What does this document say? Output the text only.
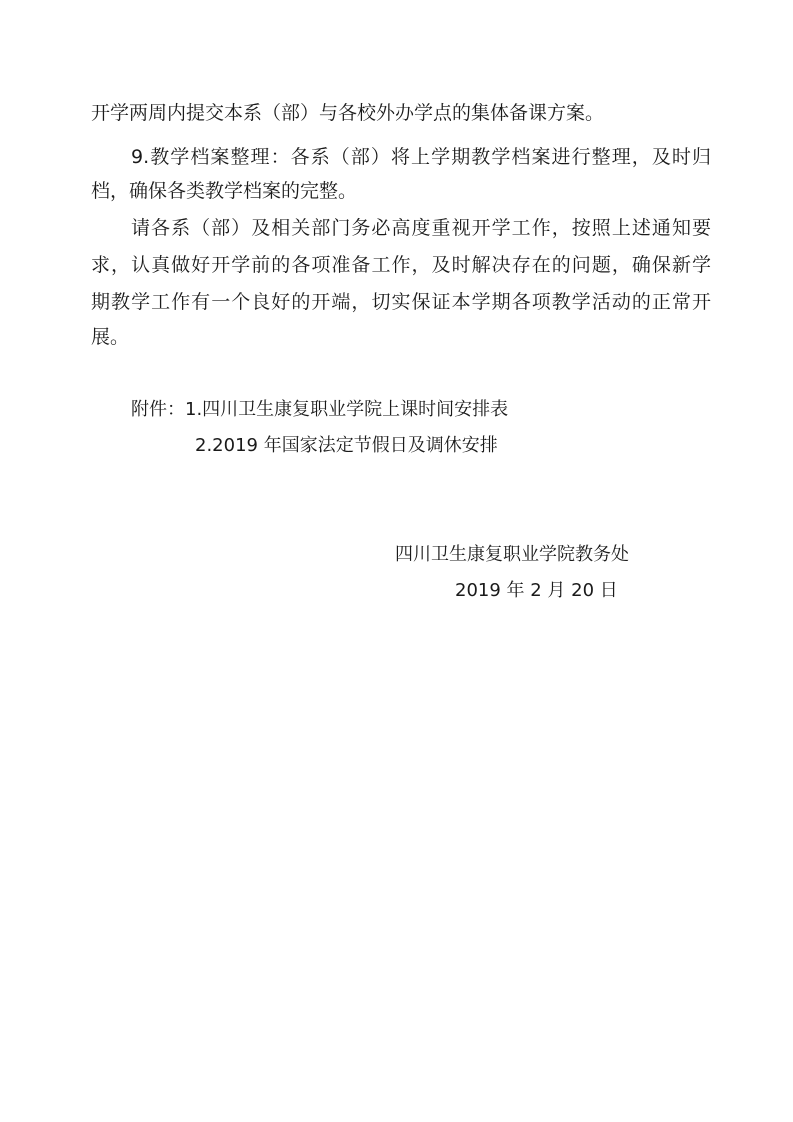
开学两周内提交本系（部）与各校外办学点的集体备课方案。
9.教学档案整理：各系（部）将上学期教学档案进行整理，及时归
档，确保各类教学档案的完整。
请各系（部）及相关部门务必高度重视开学工作，按照上述通知要
求，认真做好开学前的各项准备工作，及时解决存在的问题，确保新学
期教学工作有一个良好的开端，切实保证本学期各项教学活动的正常开
展。
附件：1.四川卫生康复职业学院上课时间安排表
2.2019 年国家法定节假日及调休安排
四川卫生康复职业学院教务处
2019 年 2 月 20 日
